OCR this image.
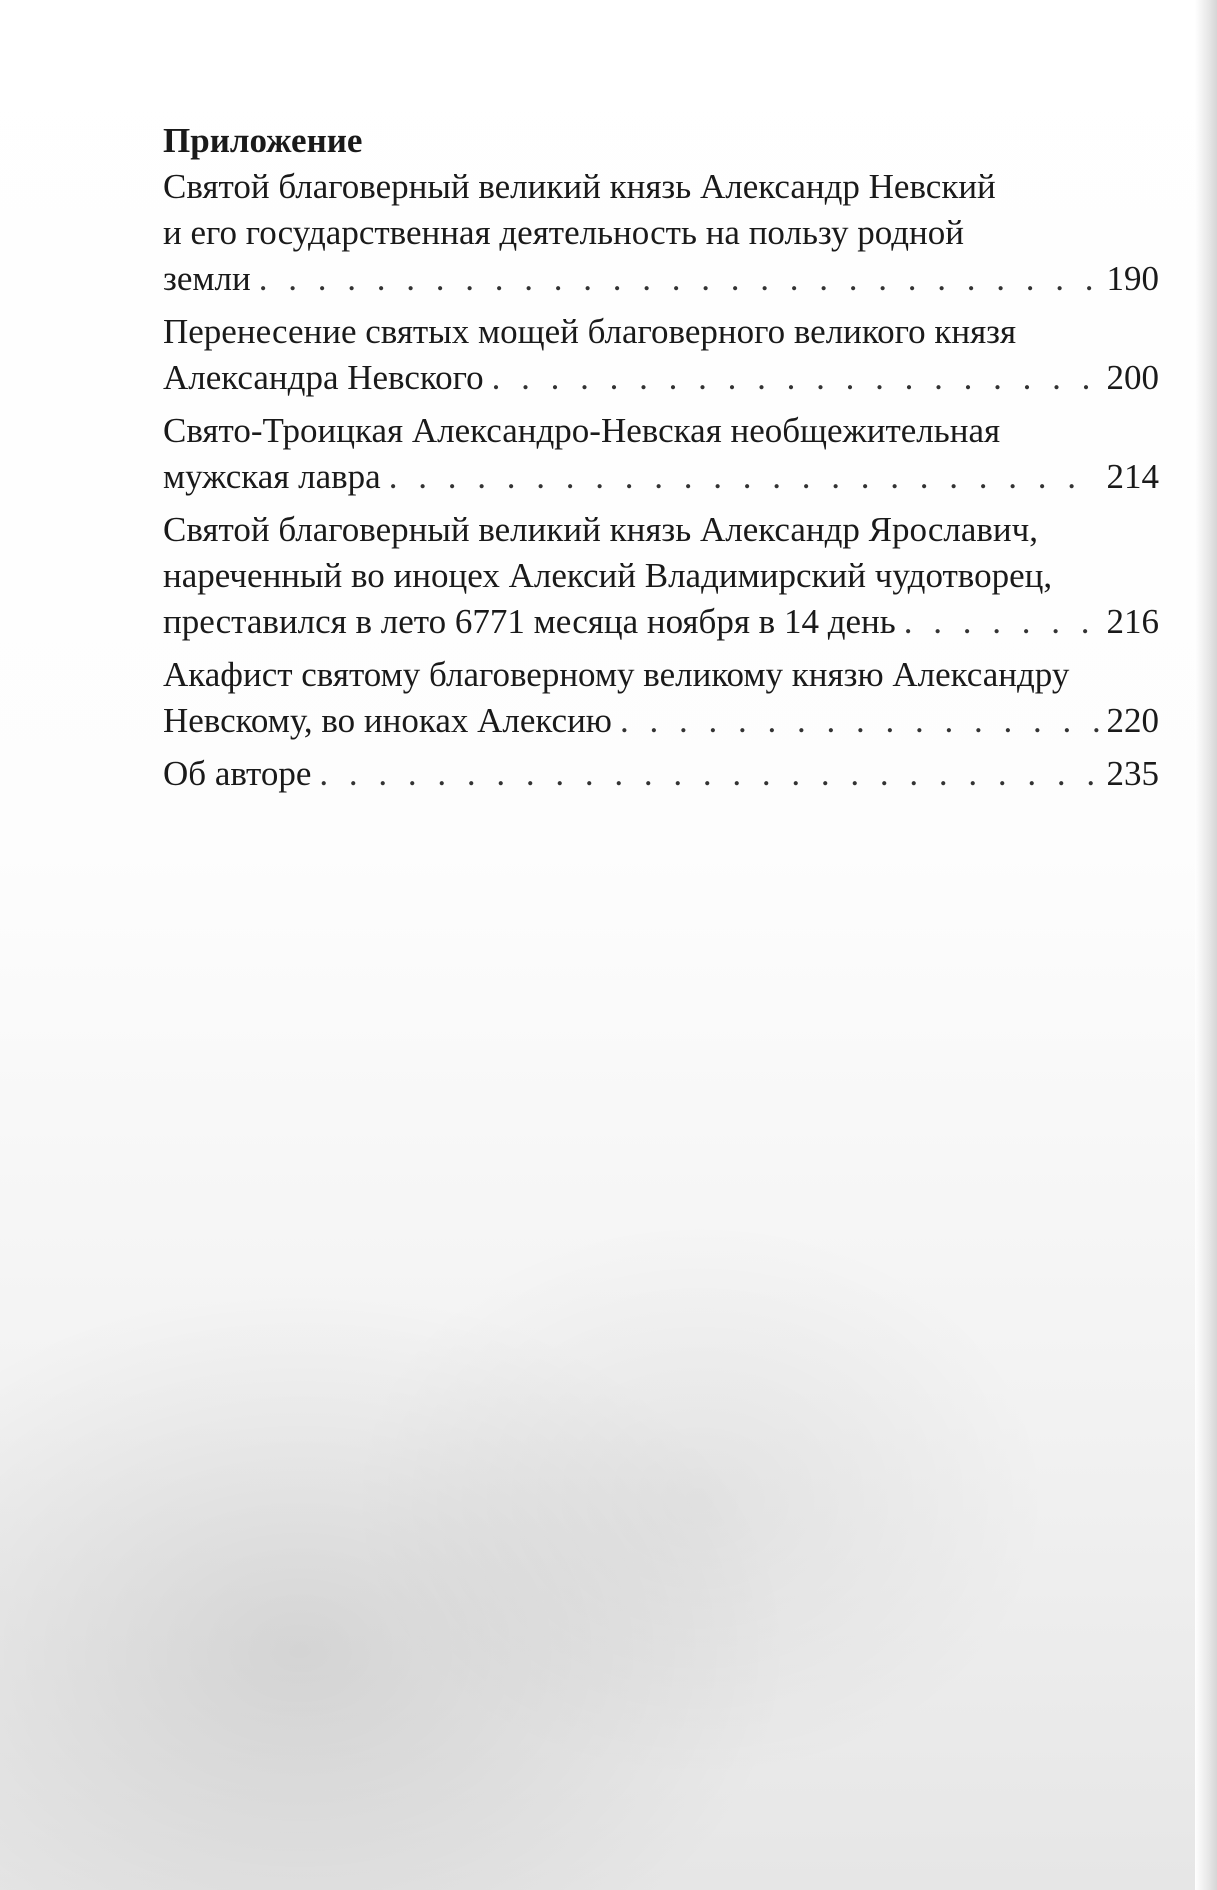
Приложение
Святой благоверный великий князь Александр Невский
и его государственная деятельность на пользу родной
земли . . .	190
Перенесение святых мощей благоверного великого князя
Александра Невского . . .	200
Свято-Троицкая Александро-Невская необщежительная
мужская лавра . . .	214
Святой благоверный великий князь Александр Ярославич,
нареченный во иноцех Алексий Владимирский чудотворец,
преставился в лето 6771 месяца ноября в 14 день . . .	216
Акафист святому благоверному великому князю Александру
Невскому, во иноках Алексию . . .	220
Об авторе . . .	235
